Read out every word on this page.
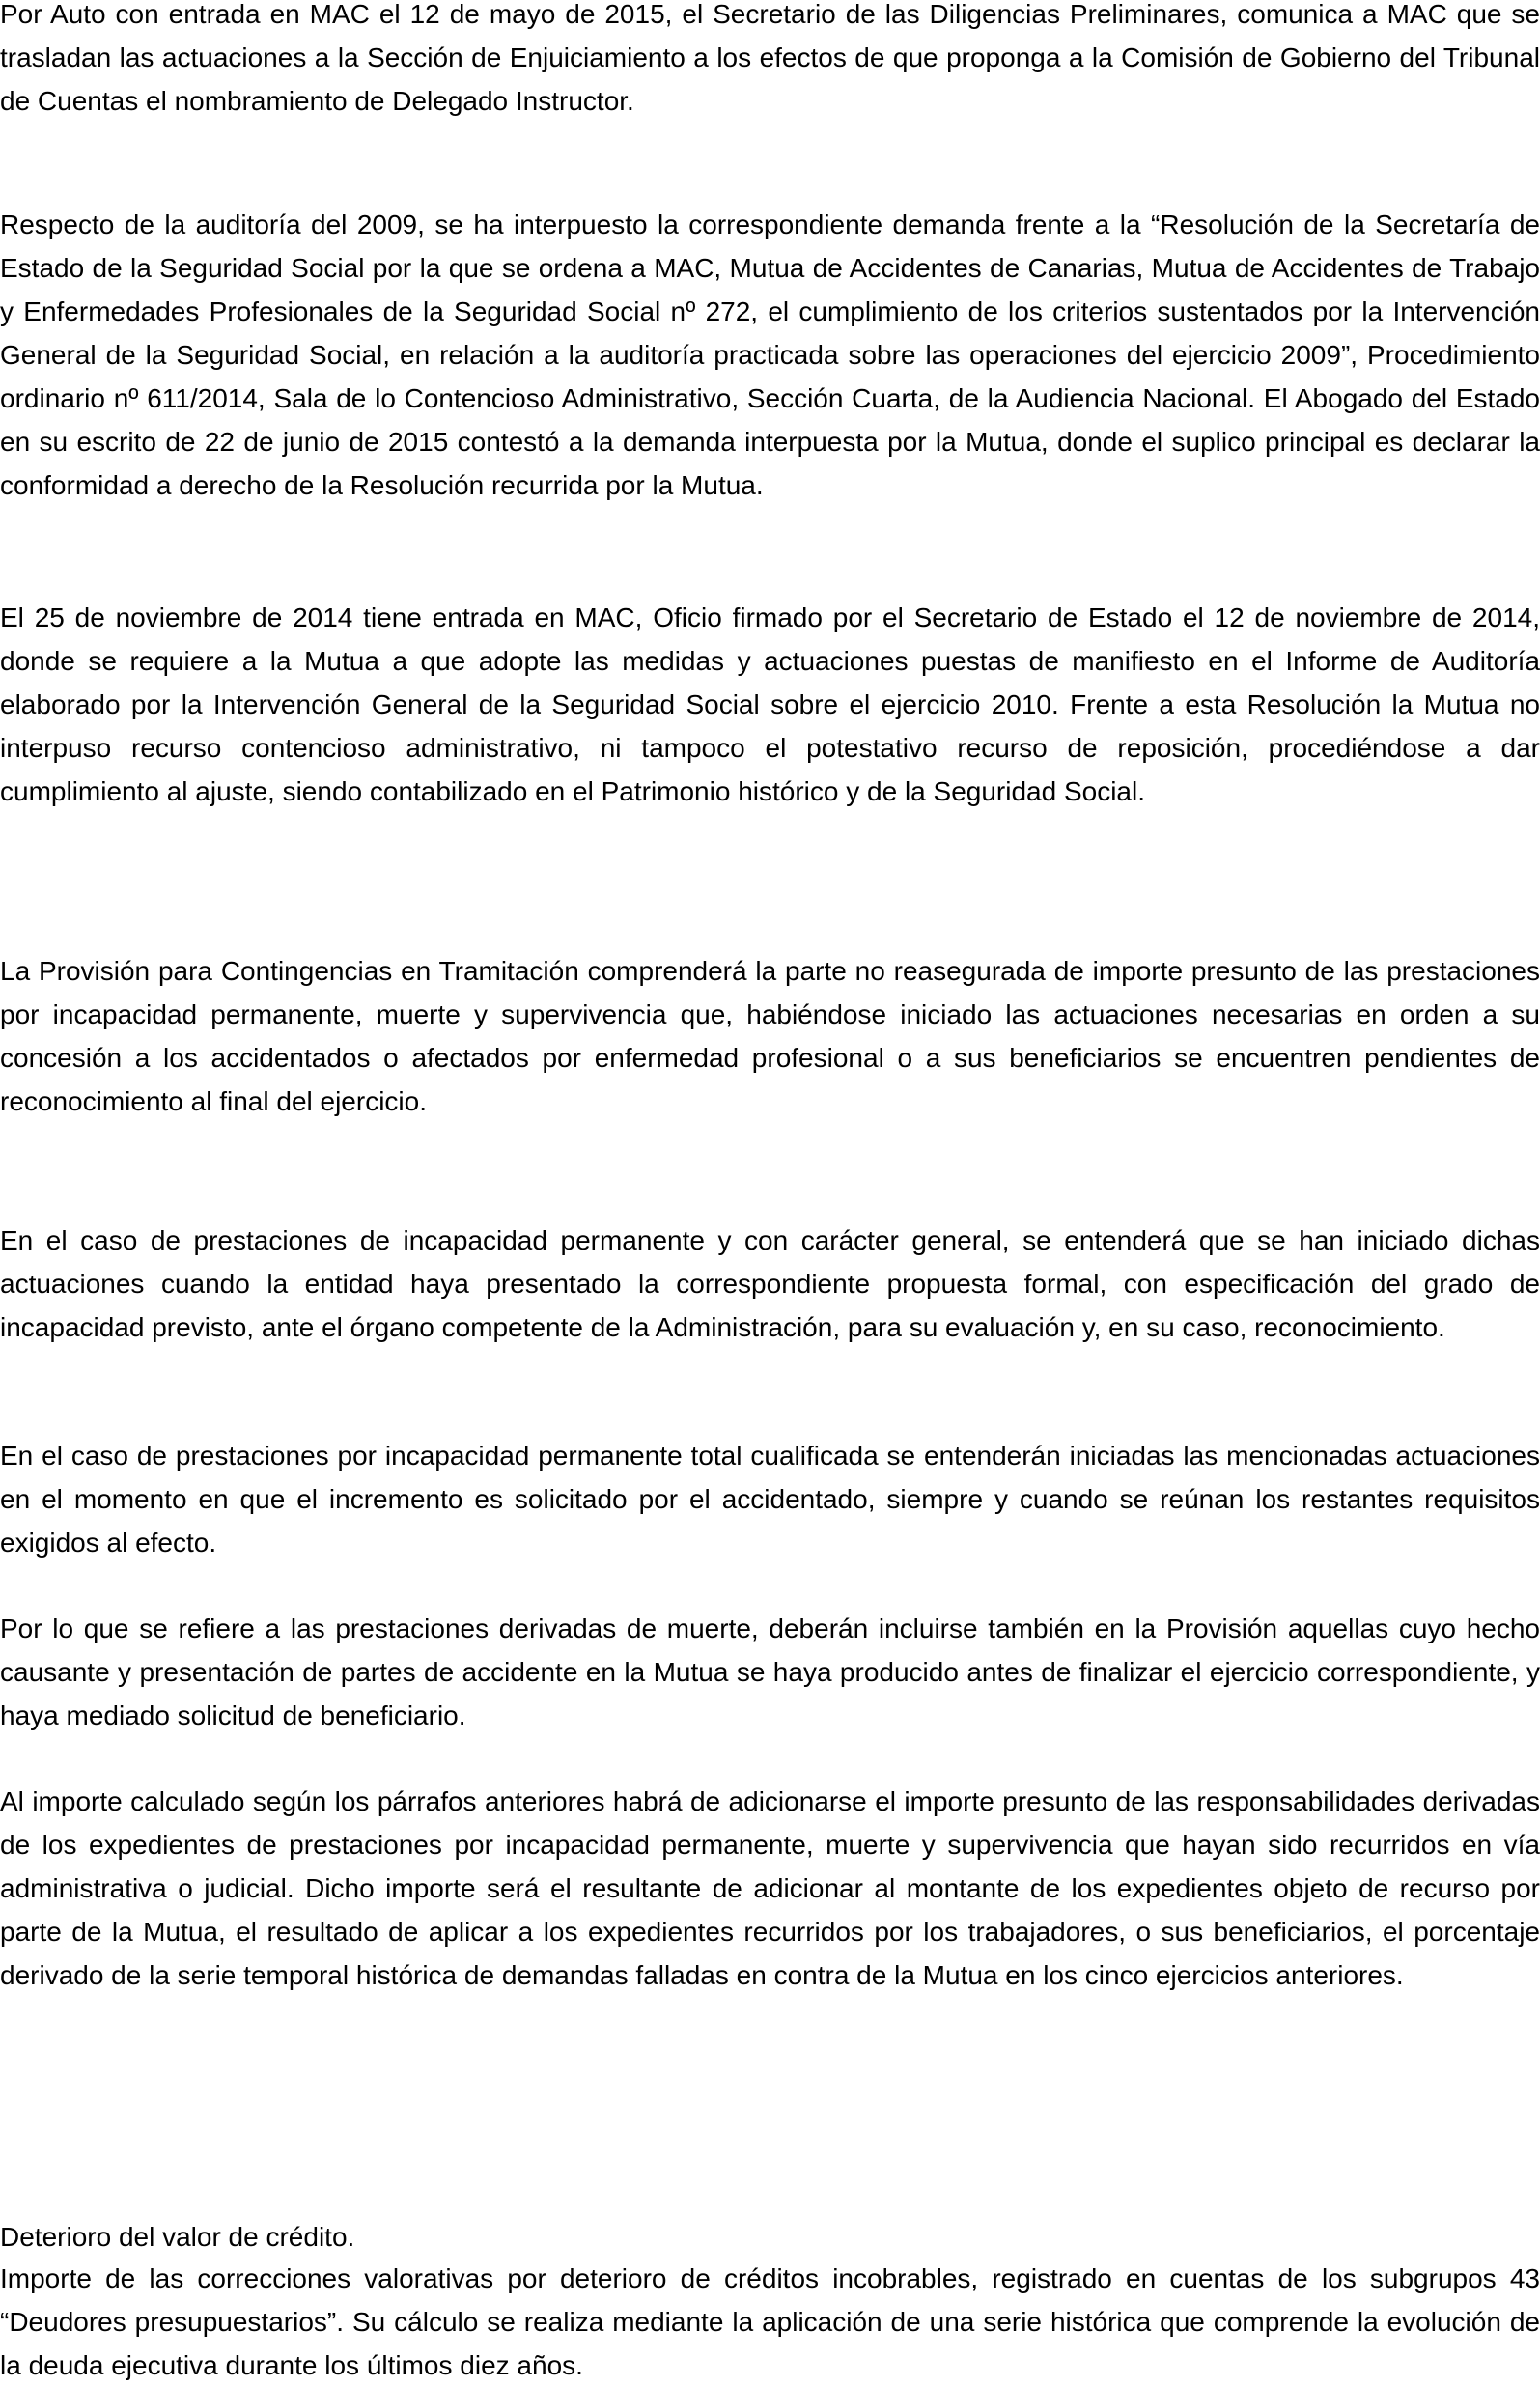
Por Auto con entrada en MAC el 12 de mayo de 2015, el Secretario de las Diligencias Preliminares, comunica a MAC que se trasladan las actuaciones a la Sección de Enjuiciamiento a los efectos de que proponga a la Comisión de Gobierno del Tribunal de Cuentas el nombramiento de Delegado Instructor.

Respecto de la auditoría del 2009, se ha interpuesto la correspondiente demanda frente a la “Resolución de la Secretaría de Estado de la Seguridad Social por la que se ordena a MAC, Mutua de Accidentes de Canarias, Mutua de Accidentes de Trabajo y Enfermedades Profesionales de la Seguridad Social nº 272, el cumplimiento de los criterios sustentados por la Intervención General de la Seguridad Social, en relación a la auditoría practicada sobre las operaciones del ejercicio 2009”, Procedimiento ordinario nº 611/2014, Sala de lo Contencioso Administrativo, Sección Cuarta, de la Audiencia Nacional. El Abogado del Estado en su escrito de 22 de junio de 2015 contestó a la demanda interpuesta por la Mutua, donde el suplico principal es declarar la conformidad a derecho de la Resolución recurrida por la Mutua.

El 25 de noviembre de 2014 tiene entrada en MAC, Oficio firmado por el Secretario de Estado el 12 de noviembre de 2014, donde se requiere a la Mutua a que adopte las medidas y actuaciones puestas de manifiesto en el Informe de Auditoría elaborado por la Intervención General de la Seguridad Social sobre el ejercicio 2010. Frente a esta Resolución la Mutua no interpuso recurso contencioso administrativo, ni tampoco el potestativo recurso de reposición, procediéndose a dar cumplimiento al ajuste, siendo contabilizado en el Patrimonio histórico y de la Seguridad Social.

La Provisión para Contingencias en Tramitación comprenderá la parte no reasegurada de importe presunto de las prestaciones por incapacidad permanente, muerte y supervivencia que, habiéndose iniciado las actuaciones necesarias en orden a su concesión a los accidentados o afectados por enfermedad profesional o a sus beneficiarios se encuentren pendientes de reconocimiento al final del ejercicio.

En el caso de prestaciones de incapacidad permanente y con carácter general, se entenderá que se han iniciado dichas actuaciones cuando la entidad haya presentado la correspondiente propuesta formal, con especificación del grado de incapacidad previsto, ante el órgano competente de la Administración, para su evaluación y, en su caso, reconocimiento.

En el caso de prestaciones por incapacidad permanente total cualificada se entenderán iniciadas las mencionadas actuaciones en el momento en que el incremento es solicitado por el accidentado, siempre y cuando se reúnan los restantes requisitos exigidos al efecto.

Por lo que se refiere a las prestaciones derivadas de muerte, deberán incluirse también en la Provisión aquellas cuyo hecho causante y presentación de partes de accidente en la Mutua se haya producido antes de finalizar el ejercicio correspondiente, y haya mediado solicitud de beneficiario.

Al importe calculado según los párrafos anteriores habrá de adicionarse el importe presunto de las responsabilidades derivadas de los expedientes de prestaciones por incapacidad permanente, muerte y supervivencia que hayan sido recurridos en vía administrativa o judicial. Dicho importe será el resultante de adicionar al montante de los expedientes objeto de recurso por parte de la Mutua, el resultado de aplicar a los expedientes recurridos por los trabajadores, o sus beneficiarios, el porcentaje derivado de la serie temporal histórica de demandas falladas en contra de la Mutua en los cinco ejercicios anteriores.

Deterioro del valor de crédito.

Importe de las correcciones valorativas por deterioro de créditos incobrables, registrado en cuentas de los subgrupos 43 “Deudores presupuestarios”. Su cálculo se realiza mediante la aplicación de una serie histórica que comprende la evolución de la deuda ejecutiva durante los últimos diez años.
